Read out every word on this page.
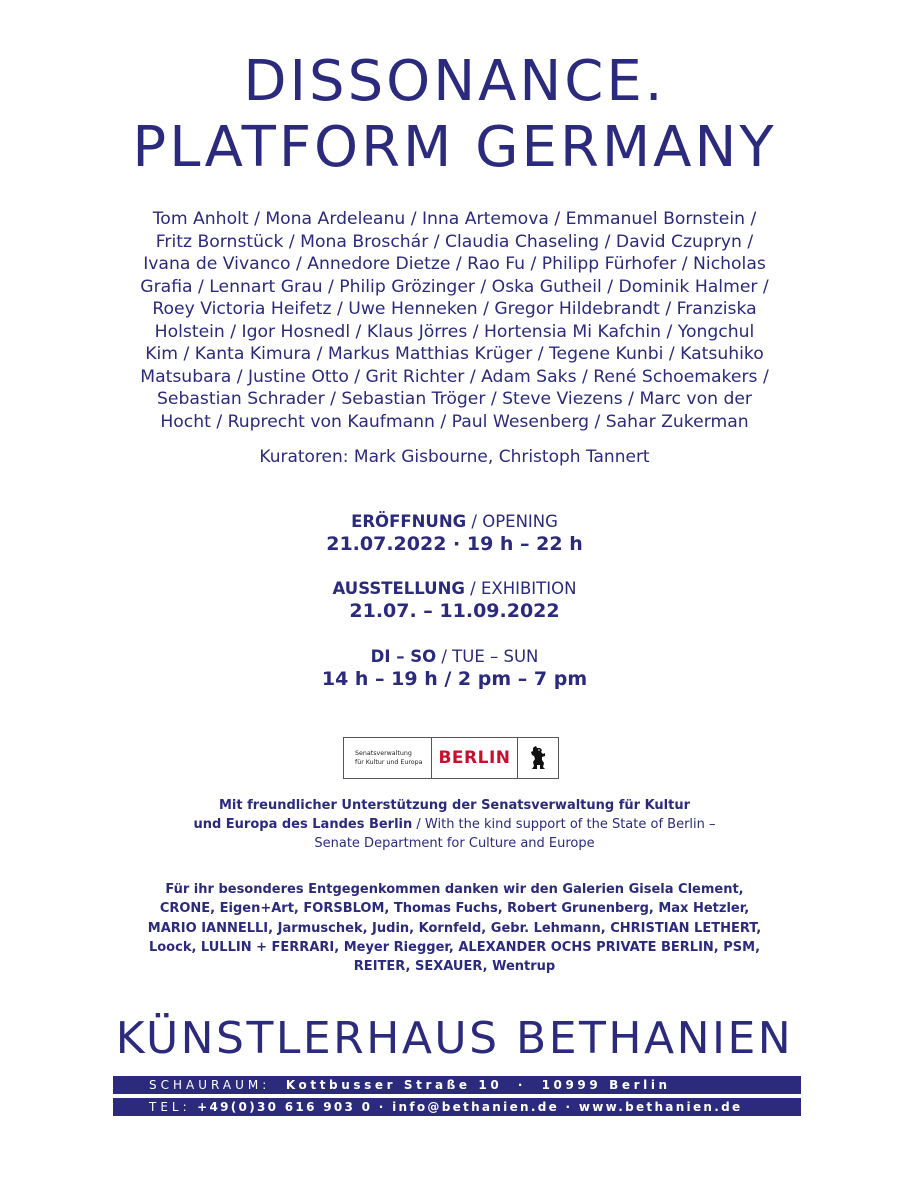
DISSONANCE.
PLATFORM GERMANY
Tom Anholt / Mona Ardeleanu / Inna Artemova / Emmanuel Bornstein /
Fritz Bornstück / Mona Broschár / Claudia Chaseling / David Czupryn /
Ivana de Vivanco / Annedore Dietze / Rao Fu / Philipp Fürhofer / Nicholas
Grafia / Lennart Grau / Philip Grözinger / Oska Gutheil / Dominik Halmer /
Roey Victoria Heifetz / Uwe Henneken / Gregor Hildebrandt / Franziska
Holstein / Igor Hosnedl / Klaus Jörres / Hortensia Mi Kafchin / Yongchul
Kim / Kanta Kimura / Markus Matthias Krüger / Tegene Kunbi / Katsuhiko
Matsubara / Justine Otto / Grit Richter / Adam Saks / René Schoemakers /
Sebastian Schrader / Sebastian Tröger / Steve Viezens / Marc von der
Hocht / Ruprecht von Kaufmann / Paul Wesenberg / Sahar Zukerman
Kuratoren: Mark Gisbourne, Christoph Tannert
ERÖFFNUNG / OPENING
21.07.2022 · 19 h – 22 h
AUSSTELLUNG / EXHIBITION
21.07. – 11.09.2022
DI – SO / TUE – SUN
14 h – 19 h / 2 pm – 7 pm
Senatsverwaltung
für Kultur und Europa BERLIN
Mit freundlicher Unterstützung der Senatsverwaltung für Kultur
und Europa des Landes Berlin / With the kind support of the State of Berlin –
Senate Department for Culture and Europe
Für ihr besonderes Entgegenkommen danken wir den Galerien Gisela Clement,
CRONE, Eigen+Art, FORSBLOM, Thomas Fuchs, Robert Grunenberg, Max Hetzler,
MARIO IANNELLI, Jarmuschek, Judin, Kornfeld, Gebr. Lehmann, CHRISTIAN LETHERT,
Loock, LULLIN + FERRARI, Meyer Riegger, ALEXANDER OCHS PRIVATE BERLIN, PSM,
REITER, SEXAUER, Wentrup
KÜNSTLERHAUS BETHANIEN
SCHAURAUM:  Kottbusser Straße 10  ·  10999 Berlin
TEL: +49(0)30 616 903 0 · info@bethanien.de · www.bethanien.de
